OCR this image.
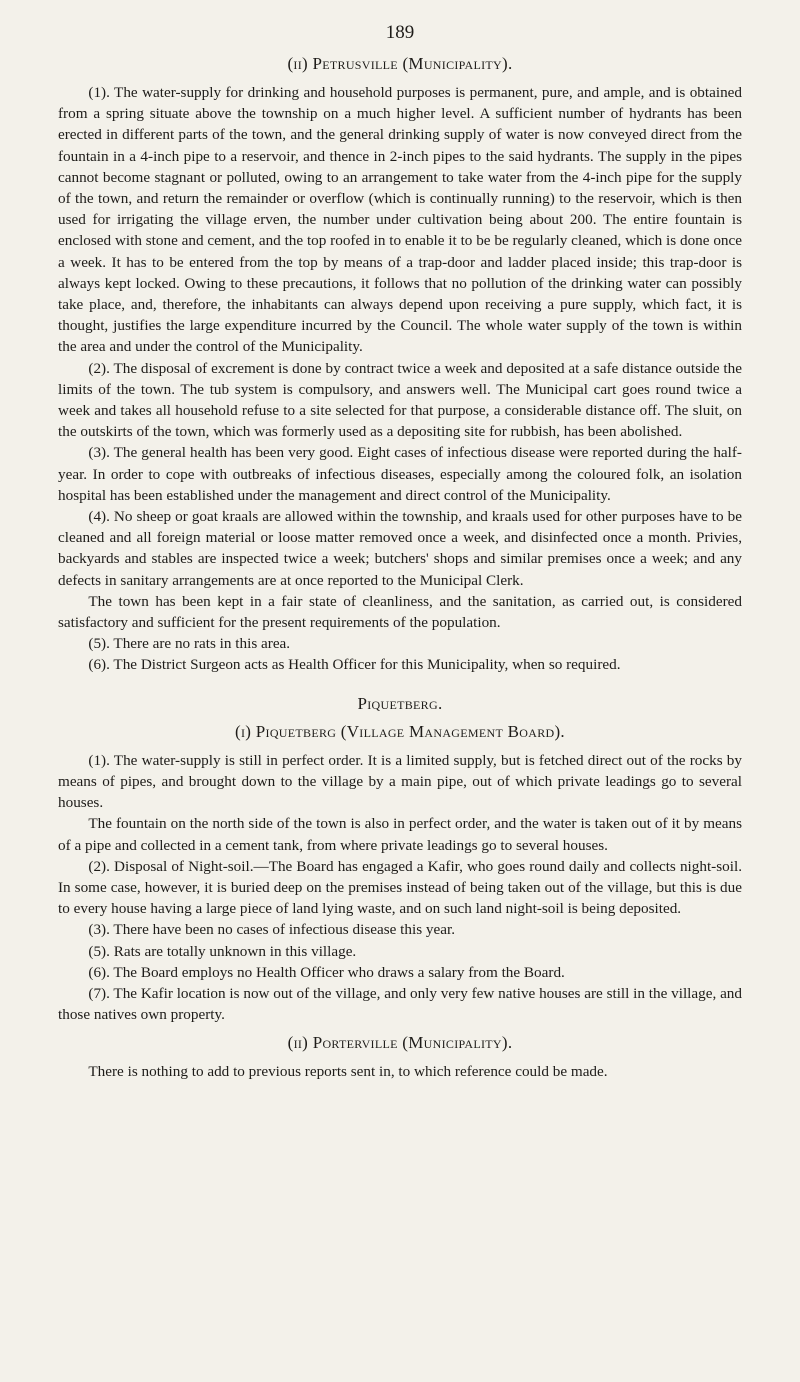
189
(ii) Petrusville (Municipality).

(1). The water-supply for drinking and household purposes is permanent, pure, and ample, and is obtained from a spring situate above the township on a much higher level. A sufficient number of hydrants has been erected in different parts of the town, and the general drinking supply of water is now conveyed direct from the fountain in a 4-inch pipe to a reservoir, and thence in 2-inch pipes to the said hydrants. The supply in the pipes cannot become stagnant or polluted, owing to an arrangement to take water from the 4-inch pipe for the supply of the town, and return the remainder or overflow (which is continually running) to the reservoir, which is then used for irrigating the village erven, the number under cultivation being about 200. The entire fountain is enclosed with stone and cement, and the top roofed in to enable it to be be regularly cleaned, which is done once a week. It has to be entered from the top by means of a trap-door and ladder placed inside; this trap-door is always kept locked. Owing to these precautions, it follows that no pollution of the drinking water can possibly take place, and, therefore, the inhabitants can always depend upon receiving a pure supply, which fact, it is thought, justifies the large expenditure incurred by the Council. The whole water supply of the town is within the area and under the control of the Municipality.

(2). The disposal of excrement is done by contract twice a week and deposited at a safe distance outside the limits of the town. The tub system is compulsory, and answers well. The Municipal cart goes round twice a week and takes all household refuse to a site selected for that purpose, a considerable distance off. The sluit, on the outskirts of the town, which was formerly used as a depositing site for rubbish, has been abolished.

(3). The general health has been very good. Eight cases of infectious disease were reported during the half-year. In order to cope with outbreaks of infectious diseases, especially among the coloured folk, an isolation hospital has been established under the management and direct control of the Municipality.

(4). No sheep or goat kraals are allowed within the township, and kraals used for other purposes have to be cleaned and all foreign material or loose matter removed once a week, and disinfected once a month. Privies, backyards and stables are inspected twice a week; butchers' shops and similar premises once a week; and any defects in sanitary arrangements are at once reported to the Municipal Clerk.

The town has been kept in a fair state of cleanliness, and the sanitation, as carried out, is considered satisfactory and sufficient for the present requirements of the population.

(5). There are no rats in this area.

(6). The District Surgeon acts as Health Officer for this Municipality, when so required.

Piquetberg.
(i) Piquetberg (Village Management Board).

(1). The water-supply is still in perfect order. It is a limited supply, but is fetched direct out of the rocks by means of pipes, and brought down to the village by a main pipe, out of which private leadings go to several houses.

The fountain on the north side of the town is also in perfect order, and the water is taken out of it by means of a pipe and collected in a cement tank, from where private leadings go to several houses.

(2). Disposal of Night-soil.—The Board has engaged a Kafir, who goes round daily and collects night-soil. In some case, however, it is buried deep on the premises instead of being taken out of the village, but this is due to every house having a large piece of land lying waste, and on such land night-soil is being deposited.

(3). There have been no cases of infectious disease this year.

(5). Rats are totally unknown in this village.

(6). The Board employs no Health Officer who draws a salary from the Board.

(7). The Kafir location is now out of the village, and only very few native houses are still in the village, and those natives own property.

(ii) Porterville (Municipality).

There is nothing to add to previous reports sent in, to which reference could be made.
